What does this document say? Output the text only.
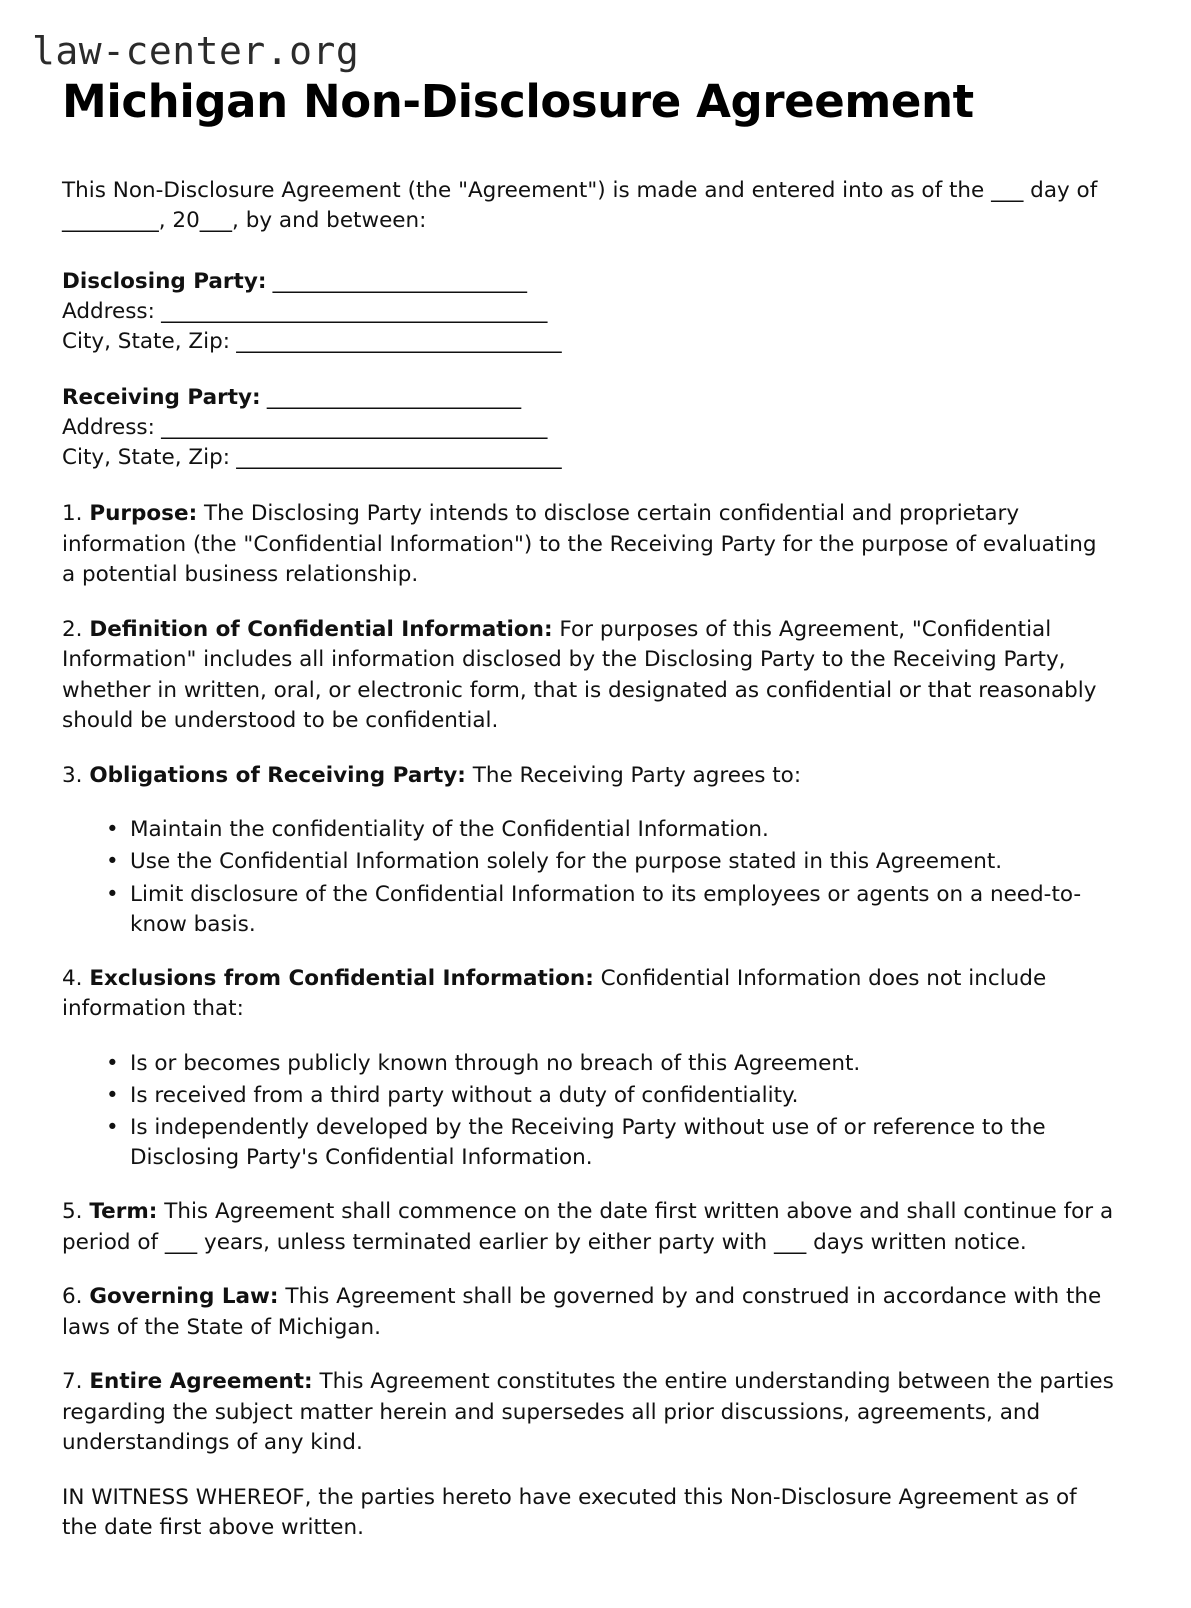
law-center.org
Michigan Non-Disclosure Agreement

This Non-Disclosure Agreement (the "Agreement") is made and entered into as of the ___ day of _________, 20___, by and between:

Disclosing Party: _________________________

Address: ______________________________________

City, State, Zip: ________________________________

Receiving Party: _________________________

Address: ______________________________________

City, State, Zip: ________________________________

1. Purpose: The Disclosing Party intends to disclose certain confidential and proprietary information (the "Confidential Information") to the Receiving Party for the purpose of evaluating a potential business relationship.

2. Definition of Confidential Information: For purposes of this Agreement, "Confidential Information" includes all information disclosed by the Disclosing Party to the Receiving Party, whether in written, oral, or electronic form, that is designated as confidential or that reasonably should be understood to be confidential.

3. Obligations of Receiving Party: The Receiving Party agrees to:

• Maintain the confidentiality of the Confidential Information.
• Use the Confidential Information solely for the purpose stated in this Agreement.
• Limit disclosure of the Confidential Information to its employees or agents on a need-to-know basis.

4. Exclusions from Confidential Information: Confidential Information does not include information that:

• Is or becomes publicly known through no breach of this Agreement.
• Is received from a third party without a duty of confidentiality.
• Is independently developed by the Receiving Party without use of or reference to the Disclosing Party's Confidential Information.

5. Term: This Agreement shall commence on the date first written above and shall continue for a period of ___ years, unless terminated earlier by either party with ___ days written notice.

6. Governing Law: This Agreement shall be governed by and construed in accordance with the laws of the State of Michigan.

7. Entire Agreement: This Agreement constitutes the entire understanding between the parties regarding the subject matter herein and supersedes all prior discussions, agreements, and understandings of any kind.

IN WITNESS WHEREOF, the parties hereto have executed this Non-Disclosure Agreement as of the date first above written.
